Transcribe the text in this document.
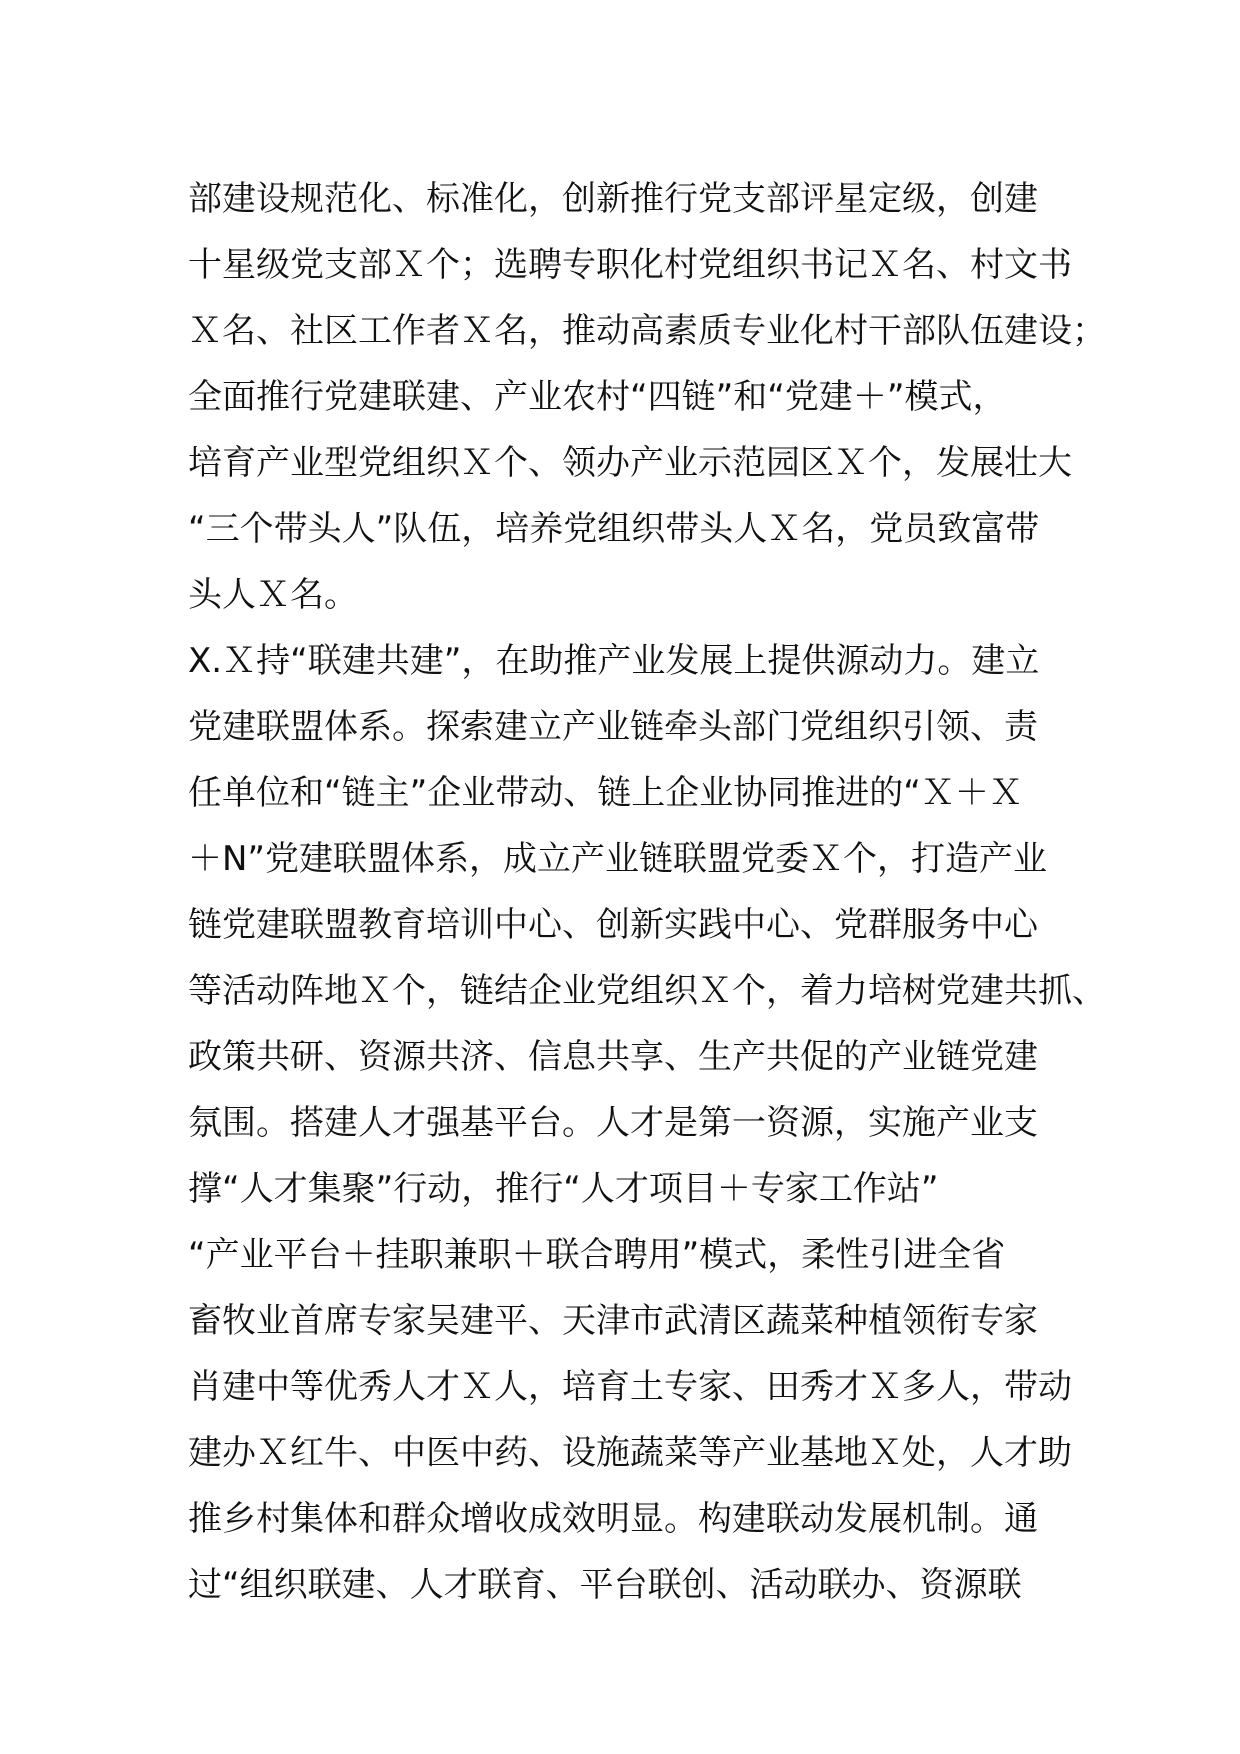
部建设规范化、标准化，创新推行党支部评星定级，创建
十星级党支部Ｘ个；选聘专职化村党组织书记Ｘ名、村文书
Ｘ名、社区工作者Ｘ名，推动高素质专业化村干部队伍建设；
全面推行党建联建、产业农村“四链”和“党建＋”模式，
培育产业型党组织Ｘ个、领办产业示范园区Ｘ个，发展壮大
“三个带头人”队伍，培养党组织带头人Ｘ名，党员致富带
头人Ｘ名。
X.Ｘ持“联建共建”，在助推产业发展上提供源动力。建立
党建联盟体系。探索建立产业链牵头部门党组织引领、责
任单位和“链主”企业带动、链上企业协同推进的“Ｘ＋Ｘ
＋N”党建联盟体系，成立产业链联盟党委Ｘ个，打造产业
链党建联盟教育培训中心、创新实践中心、党群服务中心
等活动阵地Ｘ个，链结企业党组织Ｘ个，着力培树党建共抓、
政策共研、资源共济、信息共享、生产共促的产业链党建
氛围。搭建人才强基平台。人才是第一资源，实施产业支
撑“人才集聚”行动，推行“人才项目＋专家工作站”
“产业平台＋挂职兼职＋联合聘用”模式，柔性引进全省
畜牧业首席专家吴建平、天津市武清区蔬菜种植领衔专家
肖建中等优秀人才Ｘ人，培育土专家、田秀才Ｘ多人，带动
建办Ｘ红牛、中医中药、设施蔬菜等产业基地Ｘ处，人才助
推乡村集体和群众增收成效明显。构建联动发展机制。通
过“组织联建、人才联育、平台联创、活动联办、资源联
